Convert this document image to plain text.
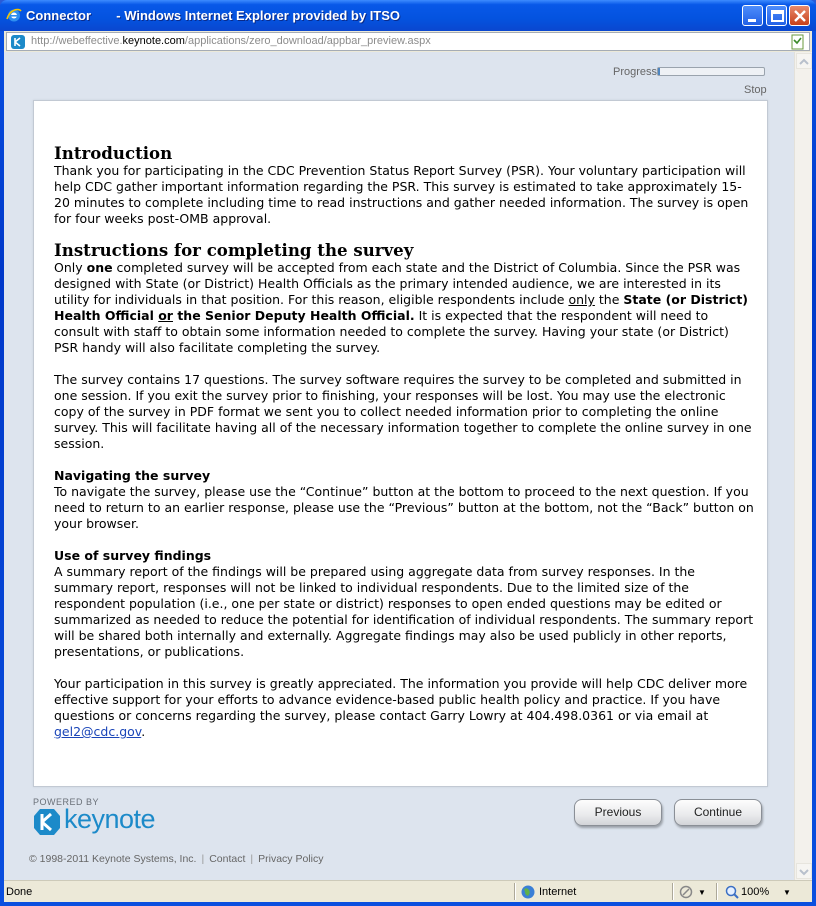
Connector       - Windows Internet Explorer provided by ITSO
http://webeffective.keynote.com/applications/zero_download/appbar_preview.aspx
Progress
Stop
Introduction

Thank you for participating in the CDC Prevention Status Report Survey (PSR). Your voluntary participation will help CDC gather important information regarding the PSR. This survey is estimated to take approximately 15-20 minutes to complete including time to read instructions and gather needed information. The survey is open for four weeks post-OMB approval.

Instructions for completing the survey

Only one completed survey will be accepted from each state and the District of Columbia. Since the PSR was designed with State (or District) Health Officials as the primary intended audience, we are interested in its utility for individuals in that position. For this reason, eligible respondents include only the State (or District) Health Official or the Senior Deputy Health Official. It is expected that the respondent will need to consult with staff to obtain some information needed to complete the survey. Having your state (or District) PSR handy will also facilitate completing the survey.

The survey contains 17 questions. The survey software requires the survey to be completed and submitted in one session. If you exit the survey prior to finishing, your responses will be lost. You may use the electronic copy of the survey in PDF format we sent you to collect needed information prior to completing the online survey. This will facilitate having all of the necessary information together to complete the online survey in one session.

Navigating the survey

To navigate the survey, please use the “Continue” button at the bottom to proceed to the next question. If you need to return to an earlier response, please use the “Previous” button at the bottom, not the “Back” button on your browser.

Use of survey findings

A summary report of the findings will be prepared using aggregate data from survey responses. In the summary report, responses will not be linked to individual respondents. Due to the limited size of the respondent population (i.e., one per state or district) responses to open ended questions may be edited or summarized as needed to reduce the potential for identification of individual respondents. The summary report will be shared both internally and externally. Aggregate findings may also be used publicly in other reports, presentations, or publications.

Your participation in this survey is greatly appreciated. The information you provide will help CDC deliver more effective support for your efforts to advance evidence-based public health policy and practice. If you have questions or concerns regarding the survey, please contact Garry Lowry at 404.498.0361 or via email at gel2@cdc.gov.

POWERED BY
keynote	Previous	Continue
© 1998-2011 Keynote Systems, Inc. | Contact | Privacy Policy
Done	Internet	▼	100% ▼
